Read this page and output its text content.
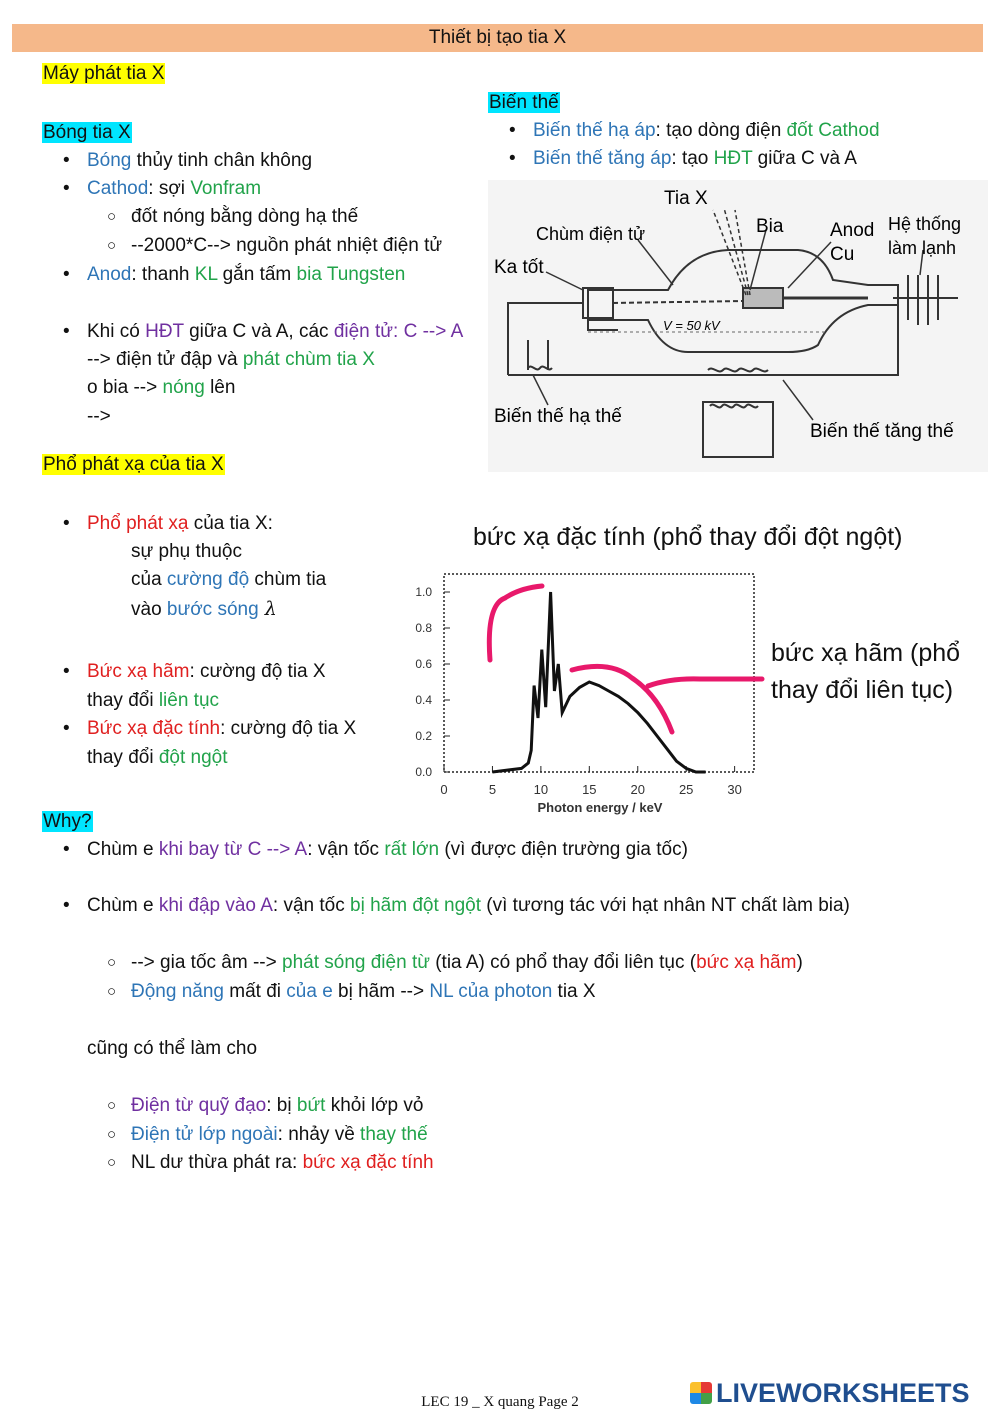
Thiết bị tạo tia X
Máy phát tia X
Bóng tia X
• Bóng thủy tinh chân không
• Cathod: sợi Vonfram
○ đốt nóng bằng dòng hạ thế
○ --2000*C--> nguồn phát nhiệt điện tử
• Anod: thanh KL gắn tấm bia Tungsten
• Khi có HĐT giữa C và A, các điện tử: C --> A
--> điện tử đập và phát chùm tia X
o bia --> nóng lên
-->
Biến thế
• Biến thế hạ áp: tạo dòng điện đốt Cathod
• Biến thế tăng áp: tạo HĐT giữa C và A
Tia X
Chùm điện tử	Bia Anod
Cu
Hệ thống
làm lạnh
Ka tốt
V = 50 kV
Biến thế hạ thế
Biến thế tăng thế
Phổ phát xạ của tia X
• Phổ phát xạ của tia X:
sự phụ thuộc
của cường độ chùm tia
vào bước sóng λ
• Bức xạ hãm: cường độ tia X
thay đổi liên tục
• Bức xạ đặc tính: cường độ tia X
thay đổi đột ngột
bức xạ đặc tính (phổ thay đổi đột ngột)
bức xạ hãm (phổ
thay đổi liên tục)
0.0
0.2
0.4
0.6
0.8
1.0
0	5	10	15	20	25	30
Photon energy / keV
Why?
• Chùm e khi bay từ C --> A: vận tốc rất lớn (vì được điện trường gia tốc)
• Chùm e khi đập vào A: vận tốc bị hãm đột ngột (vì tương tác với hạt nhân NT chất làm bia)
○ --> gia tốc âm --> phát sóng điện từ (tia A) có phổ thay đổi liên tục (bức xạ hãm)
○ Động năng mất đi của e bị hãm --> NL của photon tia X
cũng có thể làm cho
○ Điện từ quỹ đạo: bị bứt khỏi lớp vỏ
○ Điện tử lớp ngoài: nhảy về thay thế
○ NL dư thừa phát ra: bức xạ đặc tính
LEC 19 _ X quang Page 2	LIVEWORKSHEETS
